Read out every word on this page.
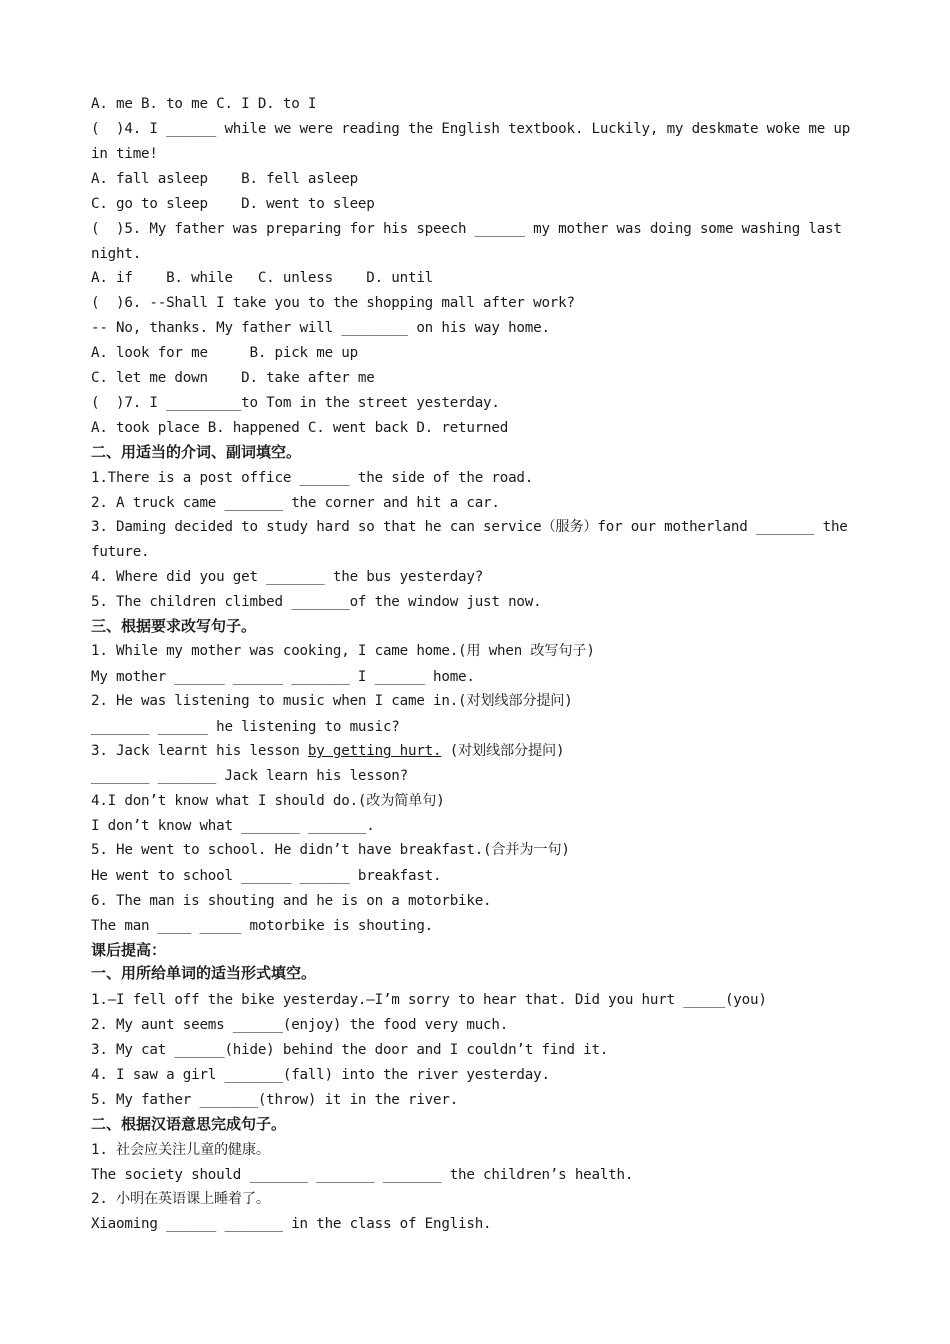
A. me B. to me C. I D. to I
(  )4. I ______ while we were reading the English textbook. Luckily, my deskmate woke me up
in time!
A. fall asleep    B. fell asleep
C. go to sleep    D. went to sleep
(  )5. My father was preparing for his speech ______ my mother was doing some washing last
night.
A. if    B. while   C. unless    D. until
(  )6. --Shall I take you to the shopping mall after work?
-- No, thanks. My father will ________ on his way home.
A. look for me     B. pick me up
C. let me down    D. take after me
(  )7. I _________to Tom in the street yesterday.
A. took place B. happened C. went back D. returned
二、用适当的介词、副词填空。
1.There is a post office ______ the side of the road.
2. A truck came _______ the corner and hit a car.
3. Daming decided to study hard so that he can service（服务）for our motherland _______ the
future.
4. Where did you get _______ the bus yesterday?
5. The children climbed _______of the window just now.
三、根据要求改写句子。
1. While my mother was cooking, I came home.(用 when 改写句子)
My mother ______ ______ _______ I ______ home.
2. He was listening to music when I came in.(对划线部分提问)
_______ ______ he listening to music?
3. Jack learnt his lesson by getting hurt. (对划线部分提问)
_______ _______ Jack learn his lesson?
4.I don’t know what I should do.(改为简单句)
I don’t know what _______ _______.
5. He went to school. He didn’t have breakfast.(合并为一句)
He went to school ______ ______ breakfast.
6. The man is shouting and he is on a motorbike.
The man ____ _____ motorbike is shouting.
课后提高：
一、用所给单词的适当形式填空。
1.—I fell off the bike yesterday.—I’m sorry to hear that. Did you hurt _____(you)
2. My aunt seems ______(enjoy) the food very much.
3. My cat ______(hide) behind the door and I couldn’t find it.
4. I saw a girl _______(fall) into the river yesterday.
5. My father _______(throw) it in the river.
二、根据汉语意思完成句子。
1. 社会应关注儿童的健康。
The society should _______ _______ _______ the children’s health.
2. 小明在英语课上睡着了。
Xiaoming ______ _______ in the class of English.
